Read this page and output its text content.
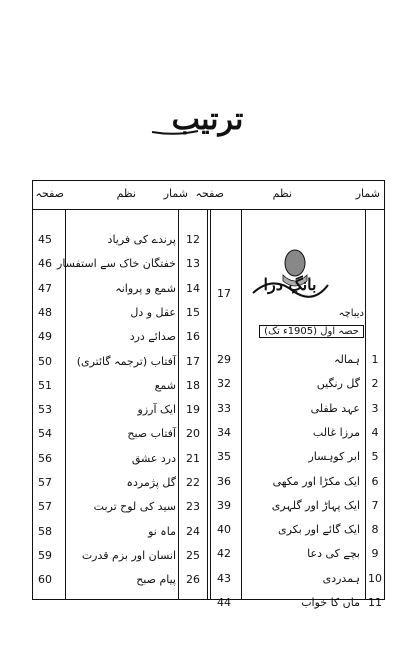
ترتیب
شمار
نظم
صفحہ
شمار
نظم
صفحہ
بانگِ درا
دیباچہ
17
حصہ اول (1905ء تک)
1
ہمالہ
29
2
گل رنگیں
32
3
عہد طفلی
33
4
مرزا غالب
34
5
ابر کوہسار
35
6
ایک مکڑا اور مکھی
36
7
ایک پہاڑ اور گلہری
39
8
ایک گائے اور بکری
40
9
بچے کی دعا
42
10
ہمدردی
43
11
ماں کا خواب
44
12
پرندے کی فریاد
45
13
خفتگان خاک سے استفسار
46
14
شمع و پروانہ
47
15
عقل و دل
48
16
صدائے درد
49
17
آفتاب (ترجمہ گائتری)
50
18
شمع
51
19
ایک آرزو
53
20
آفتاب صبح
54
21
درد عشق
56
22
گل پژمردہ
57
23
سید کی لوح تربت
57
24
ماہ نو
58
25
انسان اور بزم قدرت
59
26
پیام صبح
60
